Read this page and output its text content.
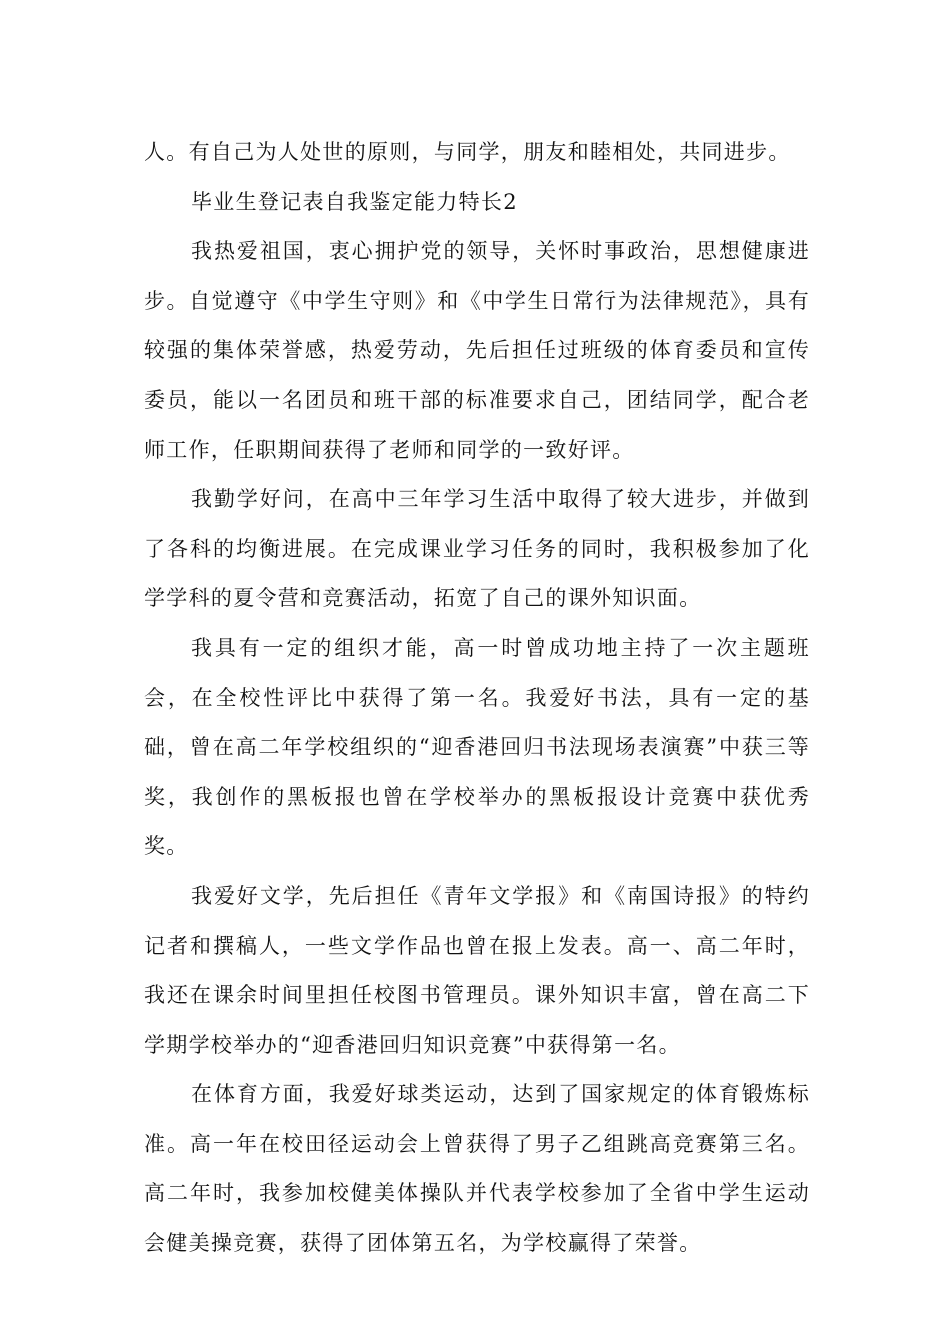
人。有自己为人处世的原则，与同学，朋友和睦相处，共同进步。

毕业生登记表自我鉴定能力特长2

我热爱祖国，衷心拥护党的领导，关怀时事政治，思想健康进步。自觉遵守《中学生守则》和《中学生日常行为法律规范》，具有较强的集体荣誉感，热爱劳动，先后担任过班级的体育委员和宣传委员，能以一名团员和班干部的标准要求自己，团结同学，配合老师工作，任职期间获得了老师和同学的一致好评。

我勤学好问，在高中三年学习生活中取得了较大进步，并做到了各科的均衡进展。在完成课业学习任务的同时，我积极参加了化学学科的夏令营和竞赛活动，拓宽了自己的课外知识面。

我具有一定的组织才能，高一时曾成功地主持了一次主题班会，在全校性评比中获得了第一名。我爱好书法，具有一定的基础，曾在高二年学校组织的“迎香港回归书法现场表演赛”中获三等奖，我创作的黑板报也曾在学校举办的黑板报设计竞赛中获优秀奖。

我爱好文学，先后担任《青年文学报》和《南国诗报》的特约记者和撰稿人，一些文学作品也曾在报上发表。高一、高二年时，我还在课余时间里担任校图书管理员。课外知识丰富，曾在高二下学期学校举办的“迎香港回归知识竞赛”中获得第一名。

在体育方面，我爱好球类运动，达到了国家规定的体育锻炼标准。高一年在校田径运动会上曾获得了男子乙组跳高竞赛第三名。高二年时，我参加校健美体操队并代表学校参加了全省中学生运动会健美操竞赛，获得了团体第五名，为学校赢得了荣誉。
